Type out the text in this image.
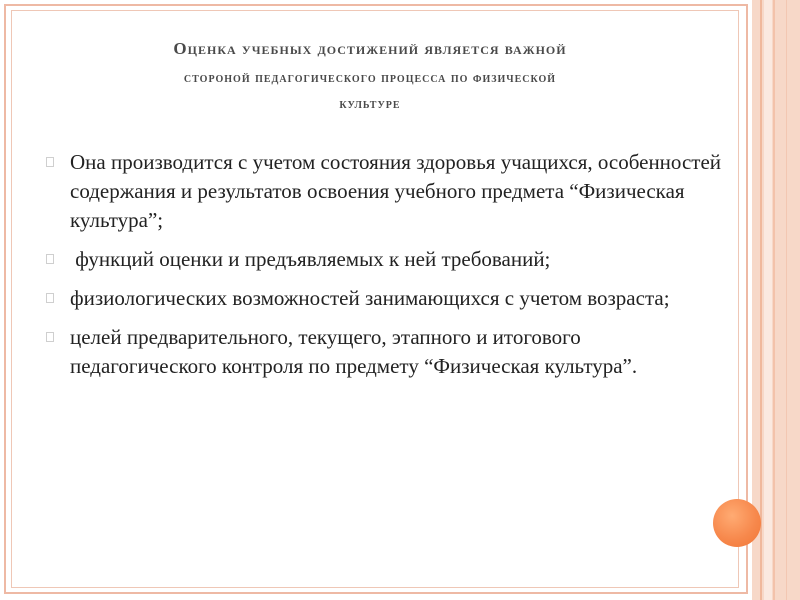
Оценка учебных достижений является важной
стороной педагогического процесса по физической
культуре
Она производится с учетом состояния здоровья учащихся, особенностей содержания и результатов освоения учебного предмета “Физическая культура”;
функций оценки и предъявляемых к ней требований;
физиологических возможностей занимающихся с учетом возраста;
целей предварительного, текущего, этапного и итогового педагогического контроля по предмету “Физическая культура”.
